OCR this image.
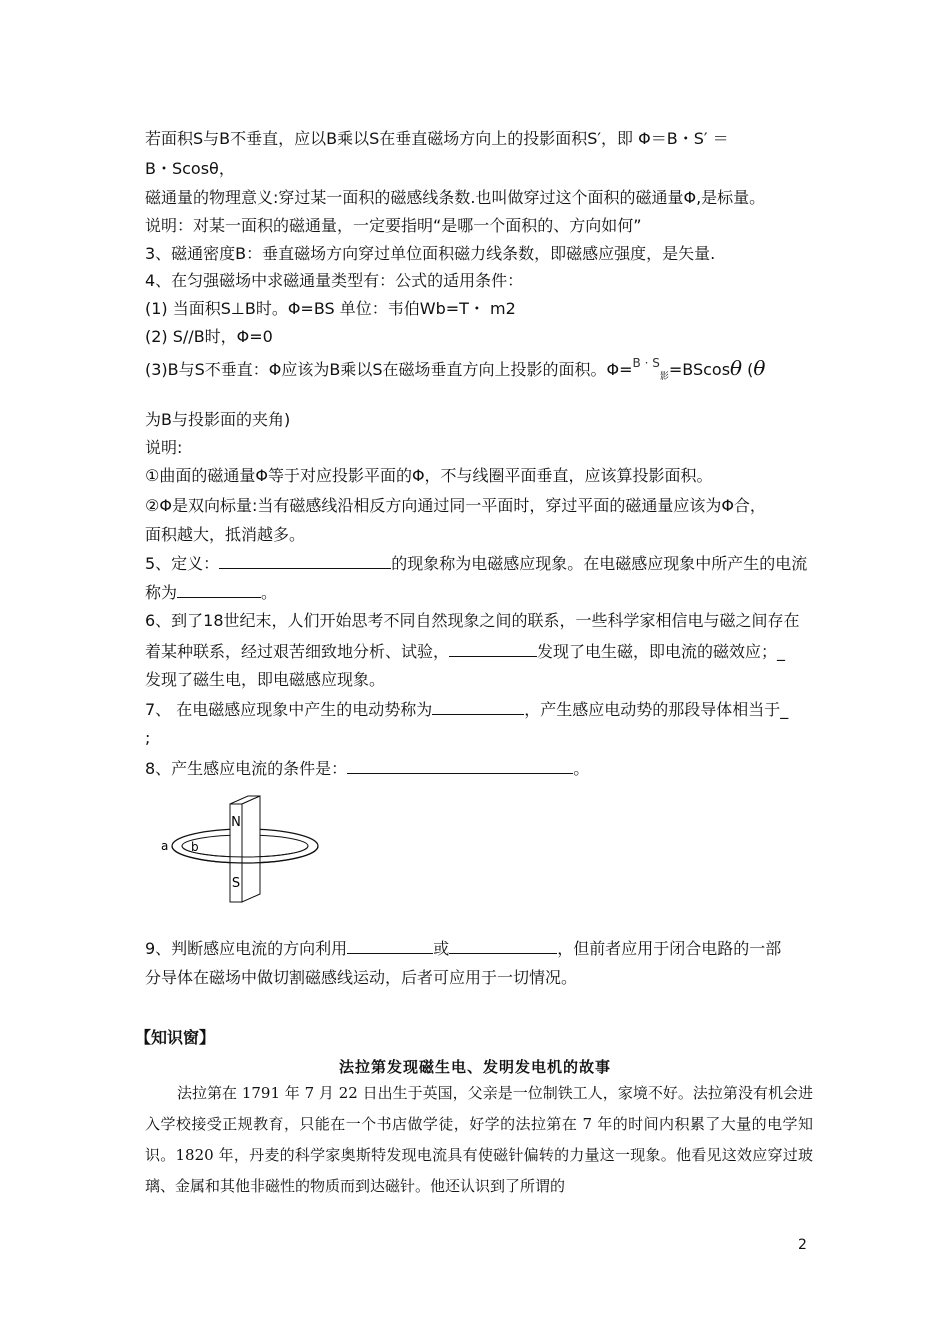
若面积S与B不垂直，应以B乘以S在垂直磁场方向上的投影面积S′，即 Φ＝B・S′ ＝
B・Scosθ，
磁通量的物理意义:穿过某一面积的磁感线条数.也叫做穿过这个面积的磁通量Φ,是标量。
说明：对某一面积的磁通量，一定要指明“是哪一个面积的、方向如何”
3、磁通密度B：垂直磁场方向穿过单位面积磁力线条数，即磁感应强度，是矢量.
4、在匀强磁场中求磁通量类型有：公式的适用条件：
(1) 当面积S⊥B时。Φ=BS 单位：韦伯Wb=T・ m2
(2) S//B时，Φ=0
(3)B与S不垂直：Φ应该为B乘以S在磁场垂直方向上投影的面积。Φ=$^{B \cdot S}_影$=BScosθ (θ
为B与投影面的夹角)
说明:
①曲面的磁通量Φ等于对应投影平面的Φ，不与线圈平面垂直，应该算投影面积。
②Φ是双向标量:当有磁感线沿相反方向通过同一平面时，穿过平面的磁通量应该为Φ合，
面积越大，抵消越多。
5、定义：	的现象称为电磁感应现象。在电磁感应现象中所产生的电流
称为	。
6、到了18世纪末，人们开始思考不同自然现象之间的联系，一些科学家相信电与磁之间存在
着某种联系，经过艰苦细致地分析、试验，	发现了电生磁，即电流的磁效应；_
发现了磁生电，即电磁感应现象。
7、 在电磁感应现象中产生的电动势称为	，产生感应电动势的那段导体相当于_
;
8、产生感应电流的条件是：	。
N
S
a b
9、判断感应电流的方向利用	或	，但前者应用于闭合电路的一部
分导体在磁场中做切割磁感线运动，后者可应用于一切情况。
【知识窗】
法拉第发现磁生电、发明发电机的故事
法拉第在 1791 年 7 月 22 日出生于英国，父亲是一位制铁工人，家境不好。法拉第没有机会进入学校接受正规教育，只能在一个书店做学徒，好学的法拉第在 7 年的时间内积累了大量的电学知识。1820 年，丹麦的科学家奥斯特发现电流具有使磁针偏转的力量这一现象。他看见这效应穿过玻璃、金属和其他非磁性的物质而到达磁针。他还认识到了所谓的
2
